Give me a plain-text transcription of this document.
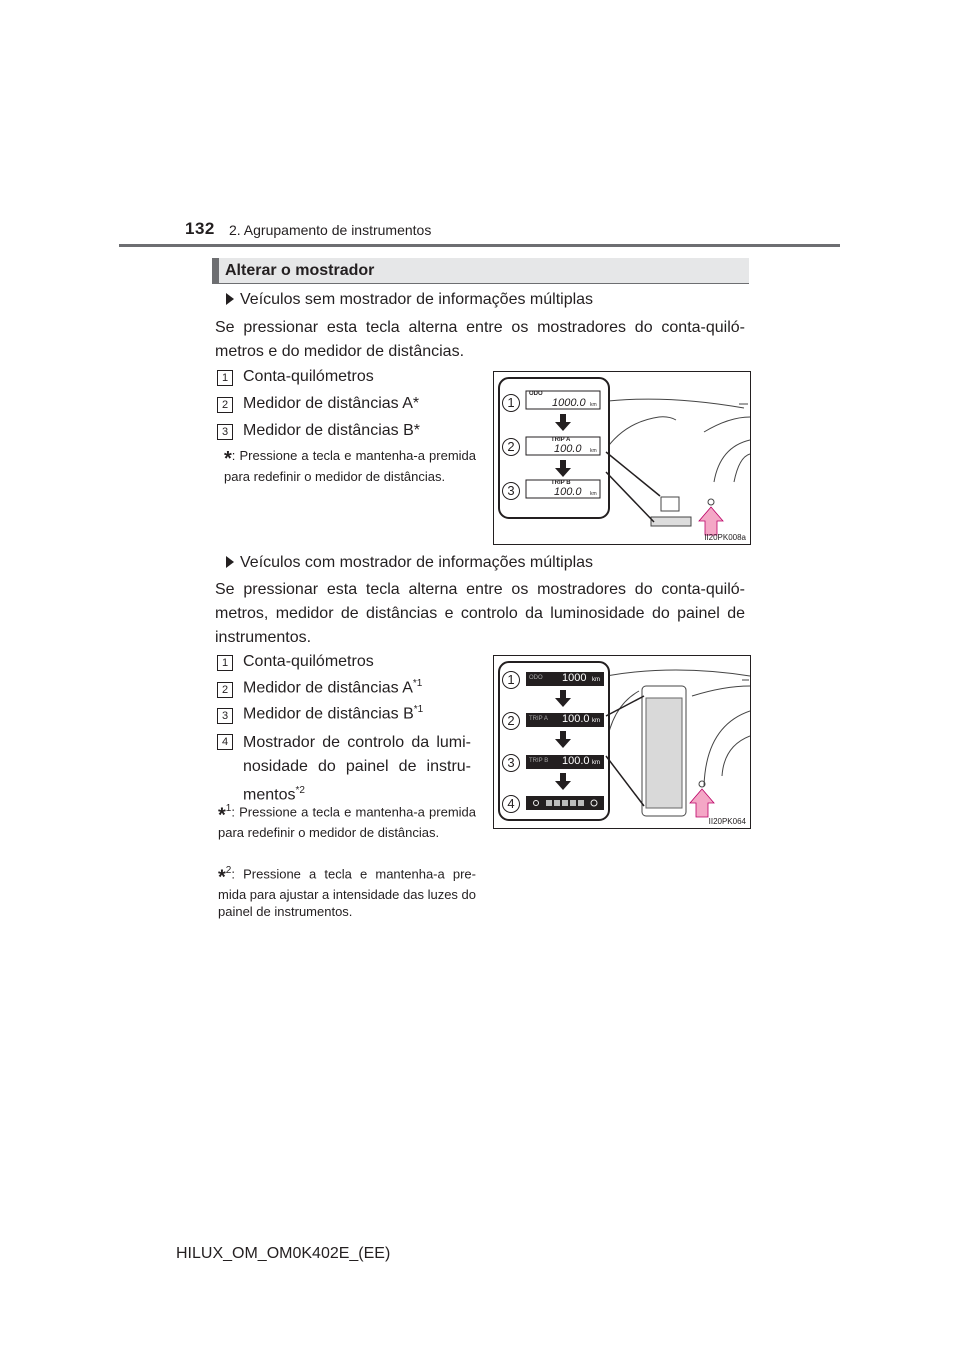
132 2. Agrupamento de instrumentos
Alterar o mostrador
Veículos sem mostrador de informações múltiplas
Se pressionar esta tecla alterna entre os mostradores do conta-quiló-metros e do medidor de distâncias.
1 Conta-quilómetros
2 Medidor de distâncias A*
3 Medidor de distâncias B*
*: Pressione a tecla e mantenha-a premida para redefinir o medidor de distâncias.
1
2
3
ODO
1000.0 km
TRIP A
100.0 km
TRIP B
100.0 km
II20PK008a
Veículos com mostrador de informações múltiplas
Se pressionar esta tecla alterna entre os mostradores do conta-quiló-metros, medidor de distâncias e controlo da luminosidade do painel de instrumentos.
1 Conta-quilómetros
2 Medidor de distâncias $A^{*1}$
3 Medidor de distâncias $B^{*1}$
4 Mostrador de controlo da lumi-nosidade do painel de instru-mentos$^{*2}$
*$^1$: Pressione a tecla e mantenha-a premida para redefinir o medidor de distâncias.
*$^2$: Pressione a tecla e mantenha-a pre-mida para ajustar a intensidade das luzes do painel de instrumentos.
1
2
3
4
ODO 1000 km
TRIP A 100.0 km
TRIP B 100.0 km
II20PK064
HILUX_OM_OM0K402E_(EE)
